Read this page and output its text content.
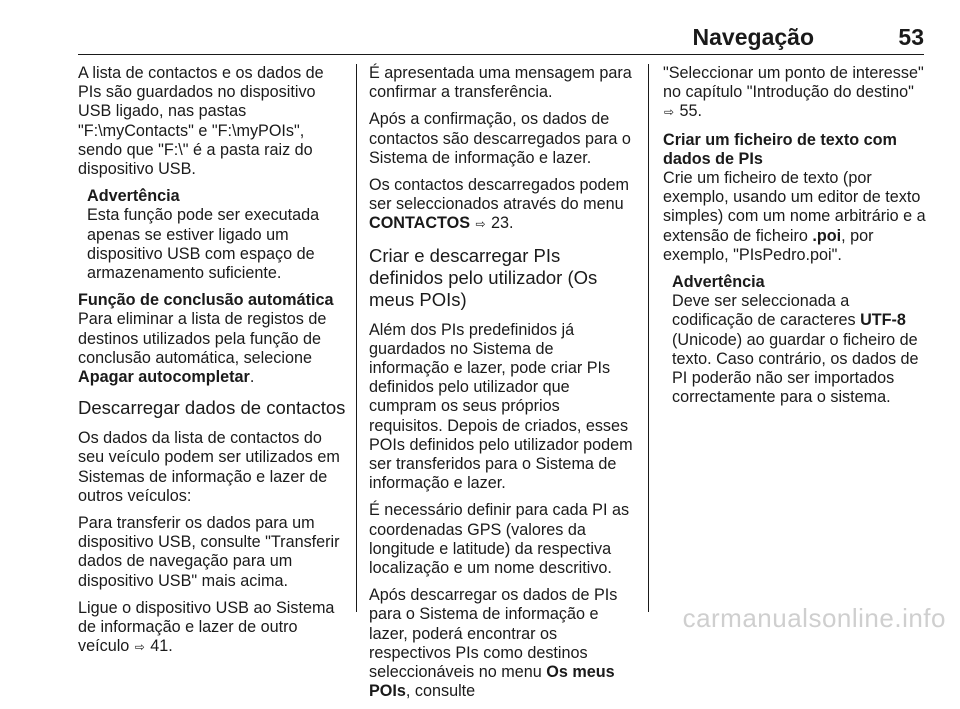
Navegação	53

A lista de contactos e os dados de PIs são guardados no dispositivo USB ligado, nas pastas "F:\myContacts" e "F:\myPOIs", sendo que "F:\" é a pasta raiz do dispositivo USB.

Advertência
Esta função pode ser executada apenas se estiver ligado um dispositivo USB com espaço de armazenamento suficiente.

Função de conclusão automática

Para eliminar a lista de registos de destinos utilizados pela função de conclusão automática, selecione Apagar autocompletar.

Descarregar dados de contactos

Os dados da lista de contactos do seu veículo podem ser utilizados em Sistemas de informação e lazer de outros veículos:

Para transferir os dados para um dispositivo USB, consulte "Transferir dados de navegação para um dispositivo USB" mais acima.

Ligue o dispositivo USB ao Sistema de informação e lazer de outro veículo ⇨ 41.

É apresentada uma mensagem para confirmar a transferência.

Após a confirmação, os dados de contactos são descarregados para o Sistema de informação e lazer.

Os contactos descarregados podem ser seleccionados através do menu CONTACTOS ⇨ 23.

Criar e descarregar PIs definidos pelo utilizador (Os meus POIs)

Além dos PIs predefinidos já guardados no Sistema de informação e lazer, pode criar PIs definidos pelo utilizador que cumpram os seus próprios requisitos. Depois de criados, esses POIs definidos pelo utilizador podem ser transferidos para o Sistema de informação e lazer.

É necessário definir para cada PI as coordenadas GPS (valores da longitude e latitude) da respectiva localização e um nome descritivo.

Após descarregar os dados de PIs para o Sistema de informação e lazer, poderá encontrar os respectivos PIs como destinos seleccionáveis no menu Os meus POIs, consulte

"Seleccionar um ponto de interesse" no capítulo "Introdução do destino"
⇨ 55.

Criar um ficheiro de texto com dados de PIs

Crie um ficheiro de texto (por exemplo, usando um editor de texto simples) com um nome arbitrário e a extensão de ficheiro .poi, por exemplo, "PIsPedro.poi".

Advertência
Deve ser seleccionada a codificação de caracteres UTF-8 (Unicode) ao guardar o ficheiro de texto. Caso contrário, os dados de PI poderão não ser importados correctamente para o sistema.
carmanualsonline.info
